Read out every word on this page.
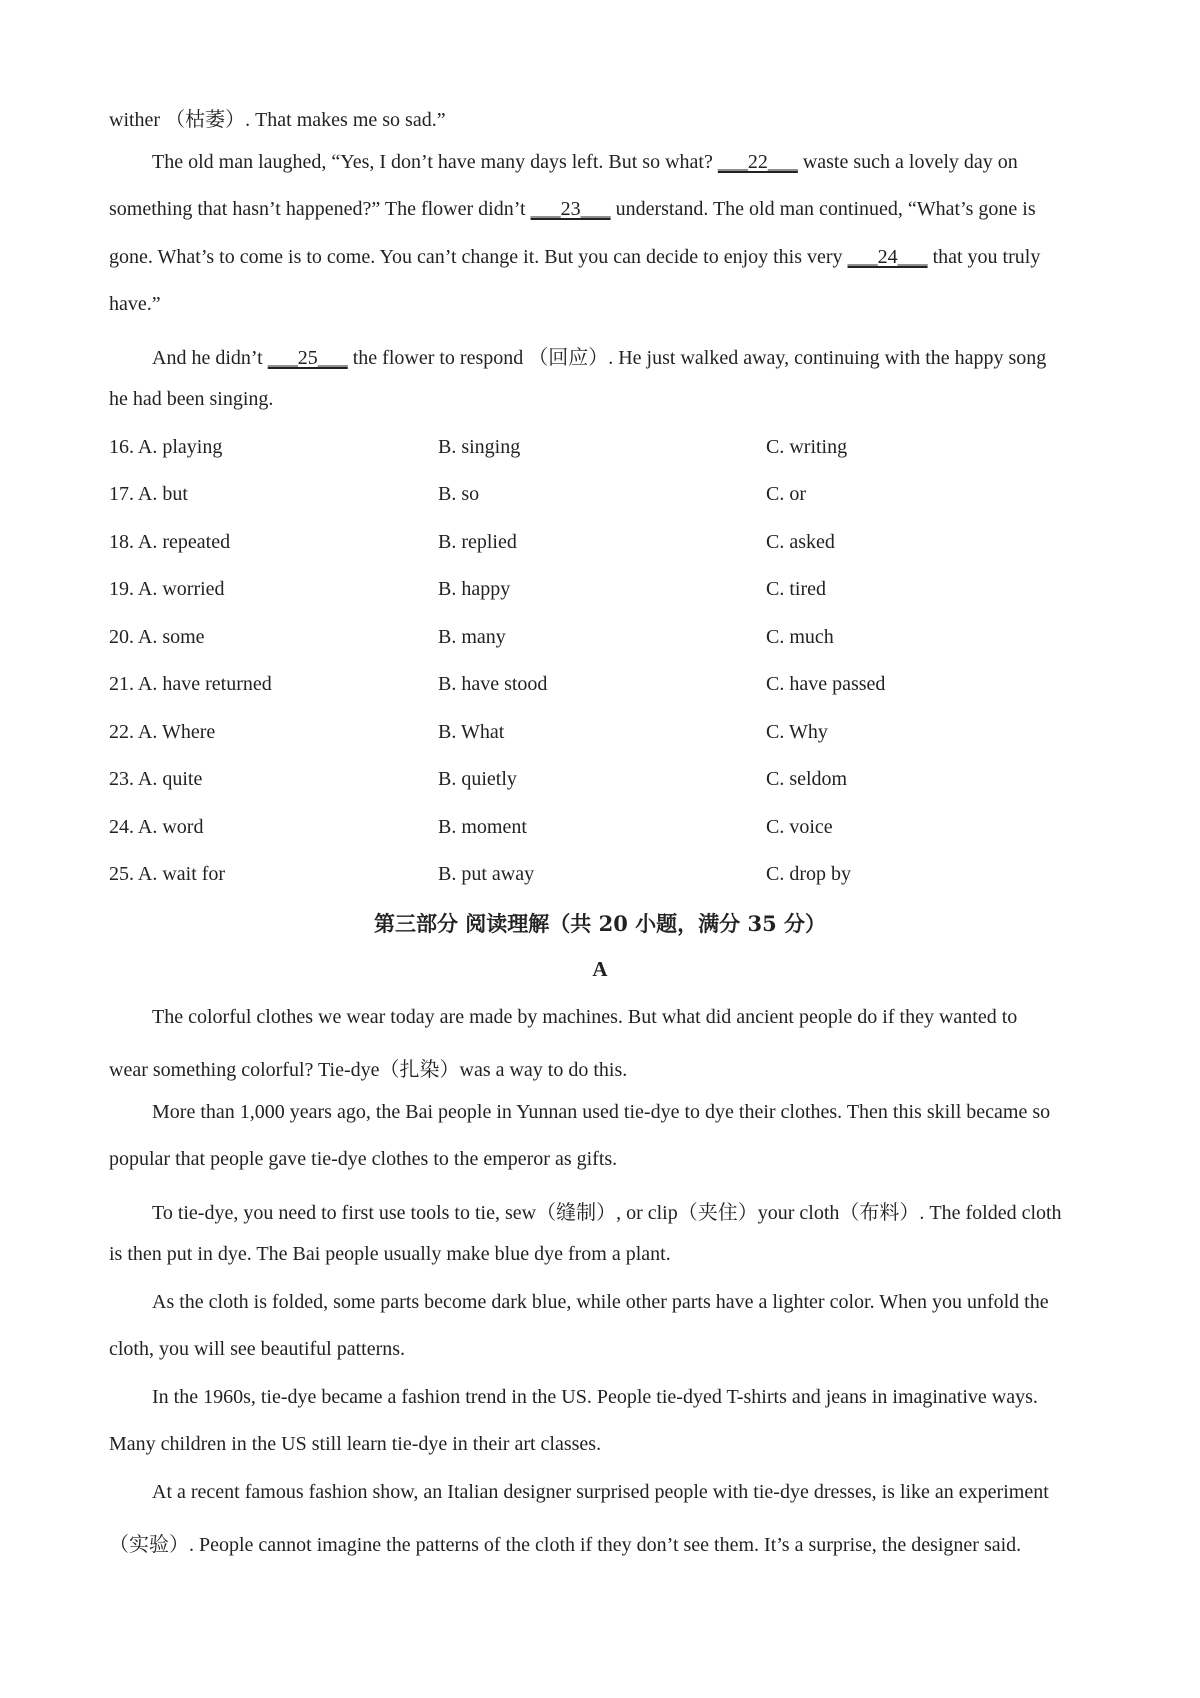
wither （枯萎）. That makes me so sad.”
The old man laughed, “Yes, I don’t have many days left. But so what? ___22___ waste such a lovely day on
something that hasn’t happened?” The flower didn’t ___23___ understand. The old man continued, “What’s gone is
gone. What’s to come is to come. You can’t change it. But you can decide to enjoy this very ___24___ that you truly
have.”
And he didn’t ___25___ the flower to respond （回应）. He just walked away, continuing with the happy song
he had been singing.
16. A. playing	B. singing	C. writing
17. A. but	B. so	C. or
18. A. repeated	B. replied	C. asked
19. A. worried	B. happy	C. tired
20. A. some	B. many	C. much
21. A. have returned	B. have stood	C. have passed
22. A. Where	B. What	C. Why
23. A. quite	B. quietly	C. seldom
24. A. word	B. moment	C. voice
25. A. wait for	B. put away	C. drop by
第三部分 阅读理解（共 20 小题，满分 35 分）
A
The colorful clothes we wear today are made by machines. But what did ancient people do if they wanted to
wear something colorful? Tie-dye（扎染）was a way to do this.
More than 1,000 years ago, the Bai people in Yunnan used tie-dye to dye their clothes. Then this skill became so
popular that people gave tie-dye clothes to the emperor as gifts.
To tie-dye, you need to first use tools to tie, sew（缝制）, or clip（夹住）your cloth（布料）. The folded cloth
is then put in dye. The Bai people usually make blue dye from a plant.
As the cloth is folded, some parts become dark blue, while other parts have a lighter color. When you unfold the
cloth, you will see beautiful patterns.
In the 1960s, tie-dye became a fashion trend in the US. People tie-dyed T-shirts and jeans in imaginative ways.
Many children in the US still learn tie-dye in their art classes.
At a recent famous fashion show, an Italian designer surprised people with tie-dye dresses, is like an experiment
（实验）. People cannot imagine the patterns of the cloth if they don’t see them. It’s a surprise, the designer said.
